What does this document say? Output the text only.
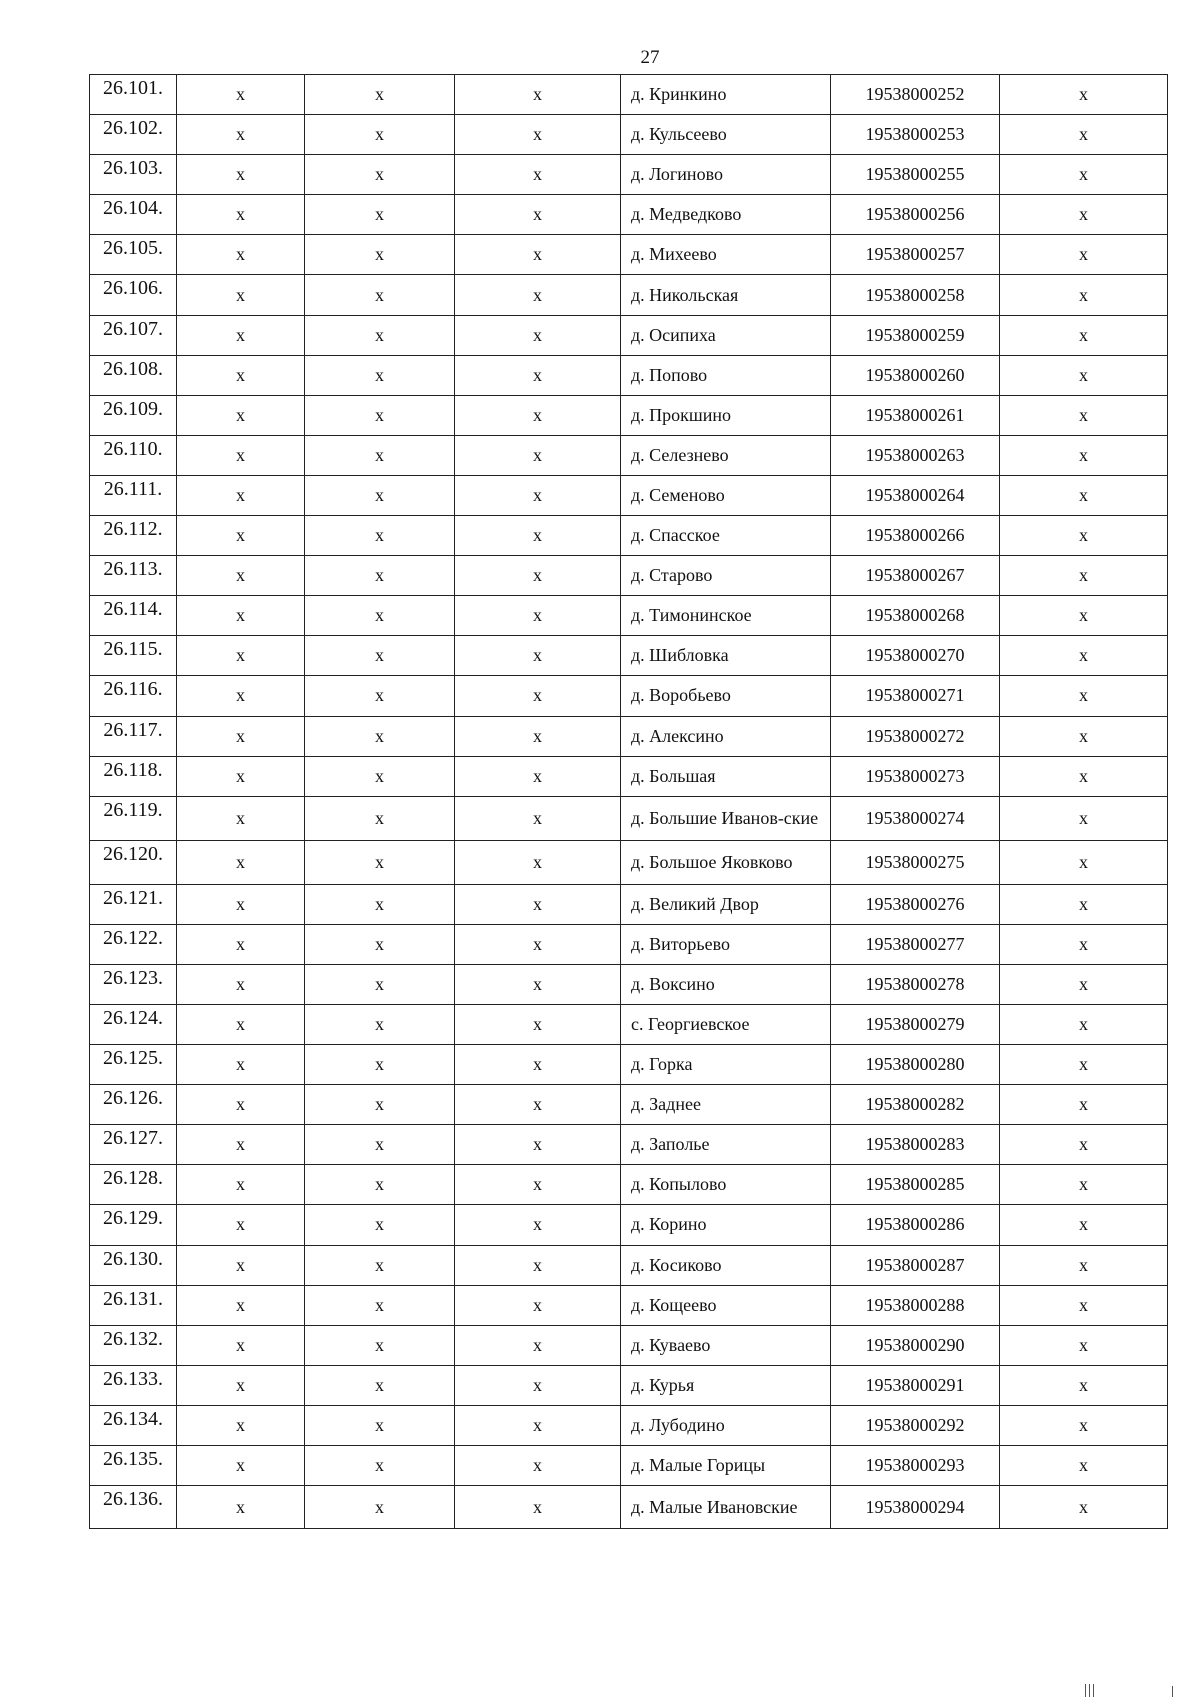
27
26.101.	x	x	x	д. Кринкино	19538000252	x
26.102.	x	x	x	д. Кульсеево	19538000253	x
26.103.	x	x	x	д. Логиново	19538000255	x
26.104.	x	x	x	д. Медведково	19538000256	x
26.105.	x	x	x	д. Михеево	19538000257	x
26.106.	x	x	x	д. Никольская	19538000258	x
26.107.	x	x	x	д. Осипиха	19538000259	x
26.108.	x	x	x	д. Попово	19538000260	x
26.109.	x	x	x	д. Прокшино	19538000261	x
26.110.	x	x	x	д. Селезнево	19538000263	x
26.111.	x	x	x	д. Семеново	19538000264	x
26.112.	x	x	x	д. Спасское	19538000266	x
26.113.	x	x	x	д. Старово	19538000267	x
26.114.	x	x	x	д. Тимонинское	19538000268	x
26.115.	x	x	x	д. Шибловка	19538000270	x
26.116.	x	x	x	д. Воробьево	19538000271	x
26.117.	x	x	x	д. Алексино	19538000272	x
26.118.	x	x	x	д. Большая	19538000273	x
26.119.	x	x	x	д. Большие Иванов-ские	19538000274	x
26.120.	x	x	x	д. Большое Яковково	19538000275	x
26.121.	x	x	x	д. Великий Двор	19538000276	x
26.122.	x	x	x	д. Виторьево	19538000277	x
26.123.	x	x	x	д. Воксино	19538000278	x
26.124.	x	x	x	с. Георгиевское	19538000279	x
26.125.	x	x	x	д. Горка	19538000280	x
26.126.	x	x	x	д. Заднее	19538000282	x
26.127.	x	x	x	д. Заполье	19538000283	x
26.128.	x	x	x	д. Копылово	19538000285	x
26.129.	x	x	x	д. Корино	19538000286	x
26.130.	x	x	x	д. Косиково	19538000287	x
26.131.	x	x	x	д. Кощеево	19538000288	x
26.132.	x	x	x	д. Куваево	19538000290	x
26.133.	x	x	x	д. Курья	19538000291	x
26.134.	x	x	x	д. Лубодино	19538000292	x
26.135.	x	x	x	д. Малые Горицы	19538000293	x
26.136.	x	x	x	д. Малые Ивановские	19538000294	x
